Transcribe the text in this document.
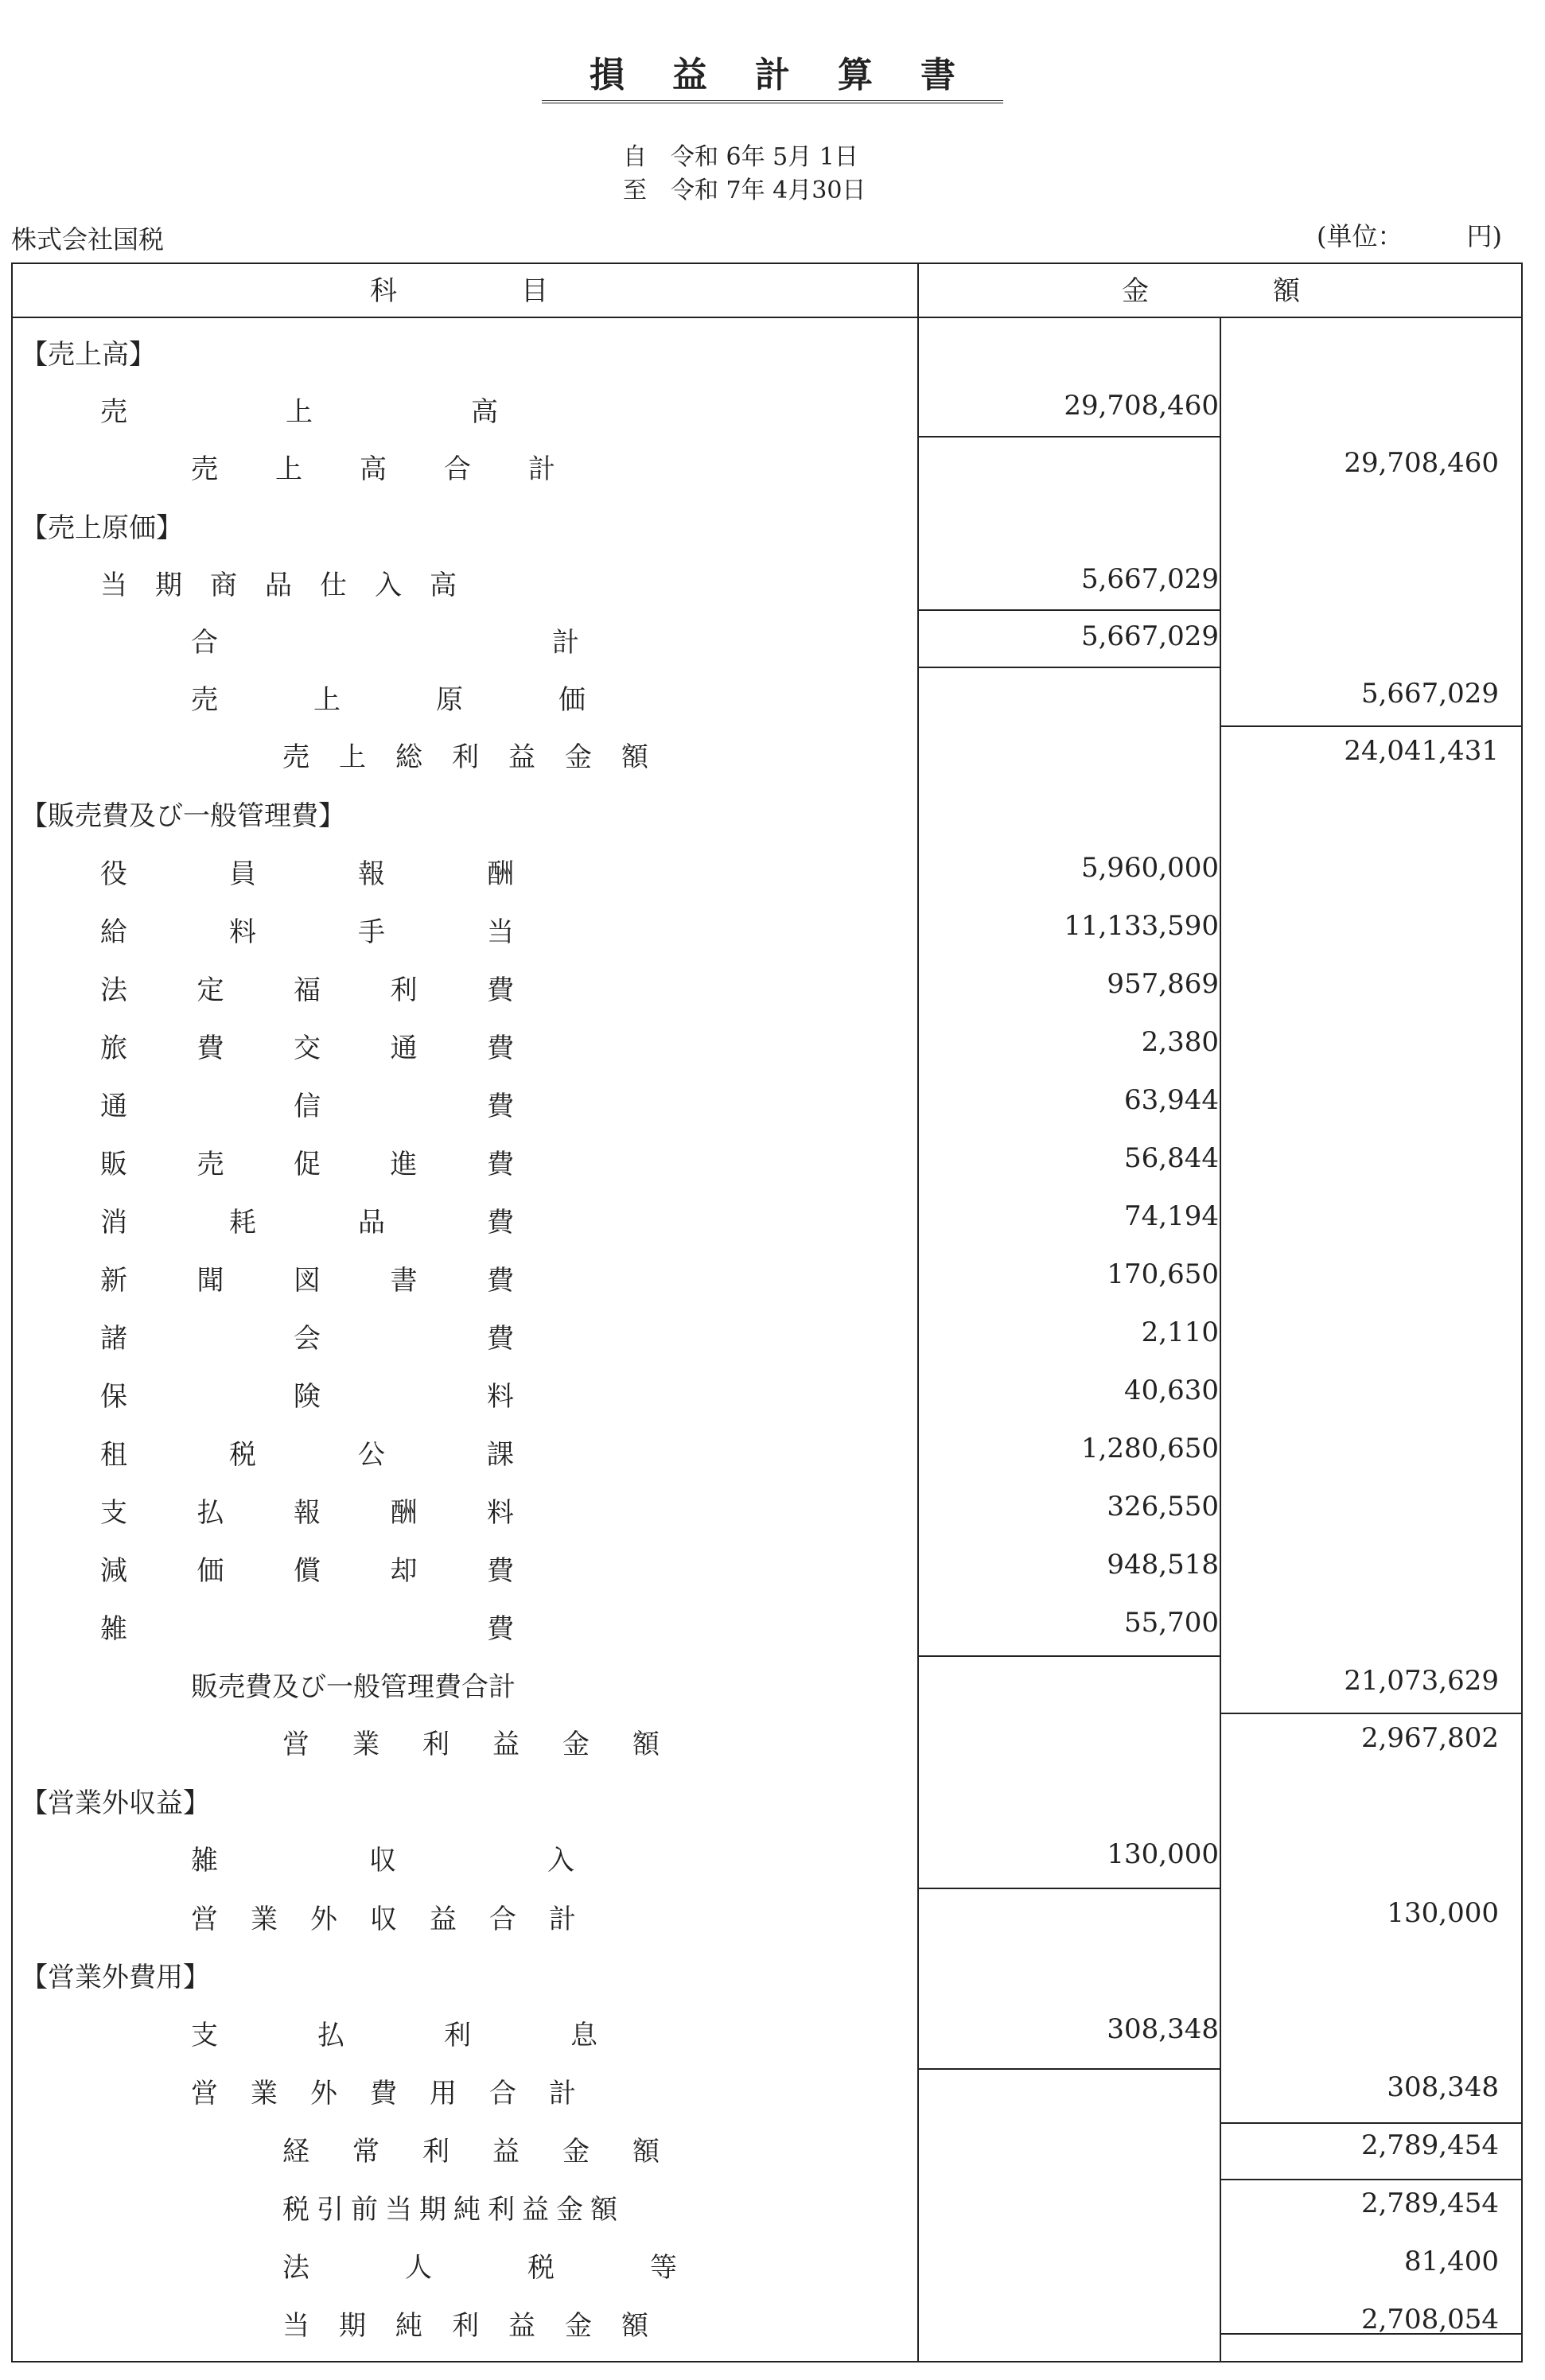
損益計算書
自　令和 6年 5月 1日
至　令和 7年 4月30日
株式会社国税	(単位：　　　円)
科　　　　目	金　　　　額
【売上高】
売	上	高	29,708,460
売上高合計	29,708,460
【売上原価】
当期商品仕入高	5,667,029
合計	5,667,029
売上原価	5,667,029
売上総利益金額	24,041,431
【販売費及び一般管理費】
役	員	報	酬	5,960,000
給	料	手	当	11,133,590
法	定	福	利	費	957,869
旅	費	交	通	費	2,380
通	信	費	63,944
販	売	促	進	費	56,844
消	耗	品	費	74,194
新	聞	図	書	費	170,650
諸	会	費	2,110
保	険	料	40,630
租	税	公	課	1,280,650
支	払	報	酬	料	326,550
減	価	償	却	費	948,518
雑	費	55,700
販売費及び一般管理費合計	21,073,629
営業利益金額	2,967,802
【営業外収益】
雑収入	130,000
営業外収益合計	130,000
【営業外費用】
支払利息	308,348
営業外費用合計	308,348
経常利益金額	2,789,454
税引前当期純利益金額	2,789,454
法人税等	81,400
当期純利益金額	2,708,054
